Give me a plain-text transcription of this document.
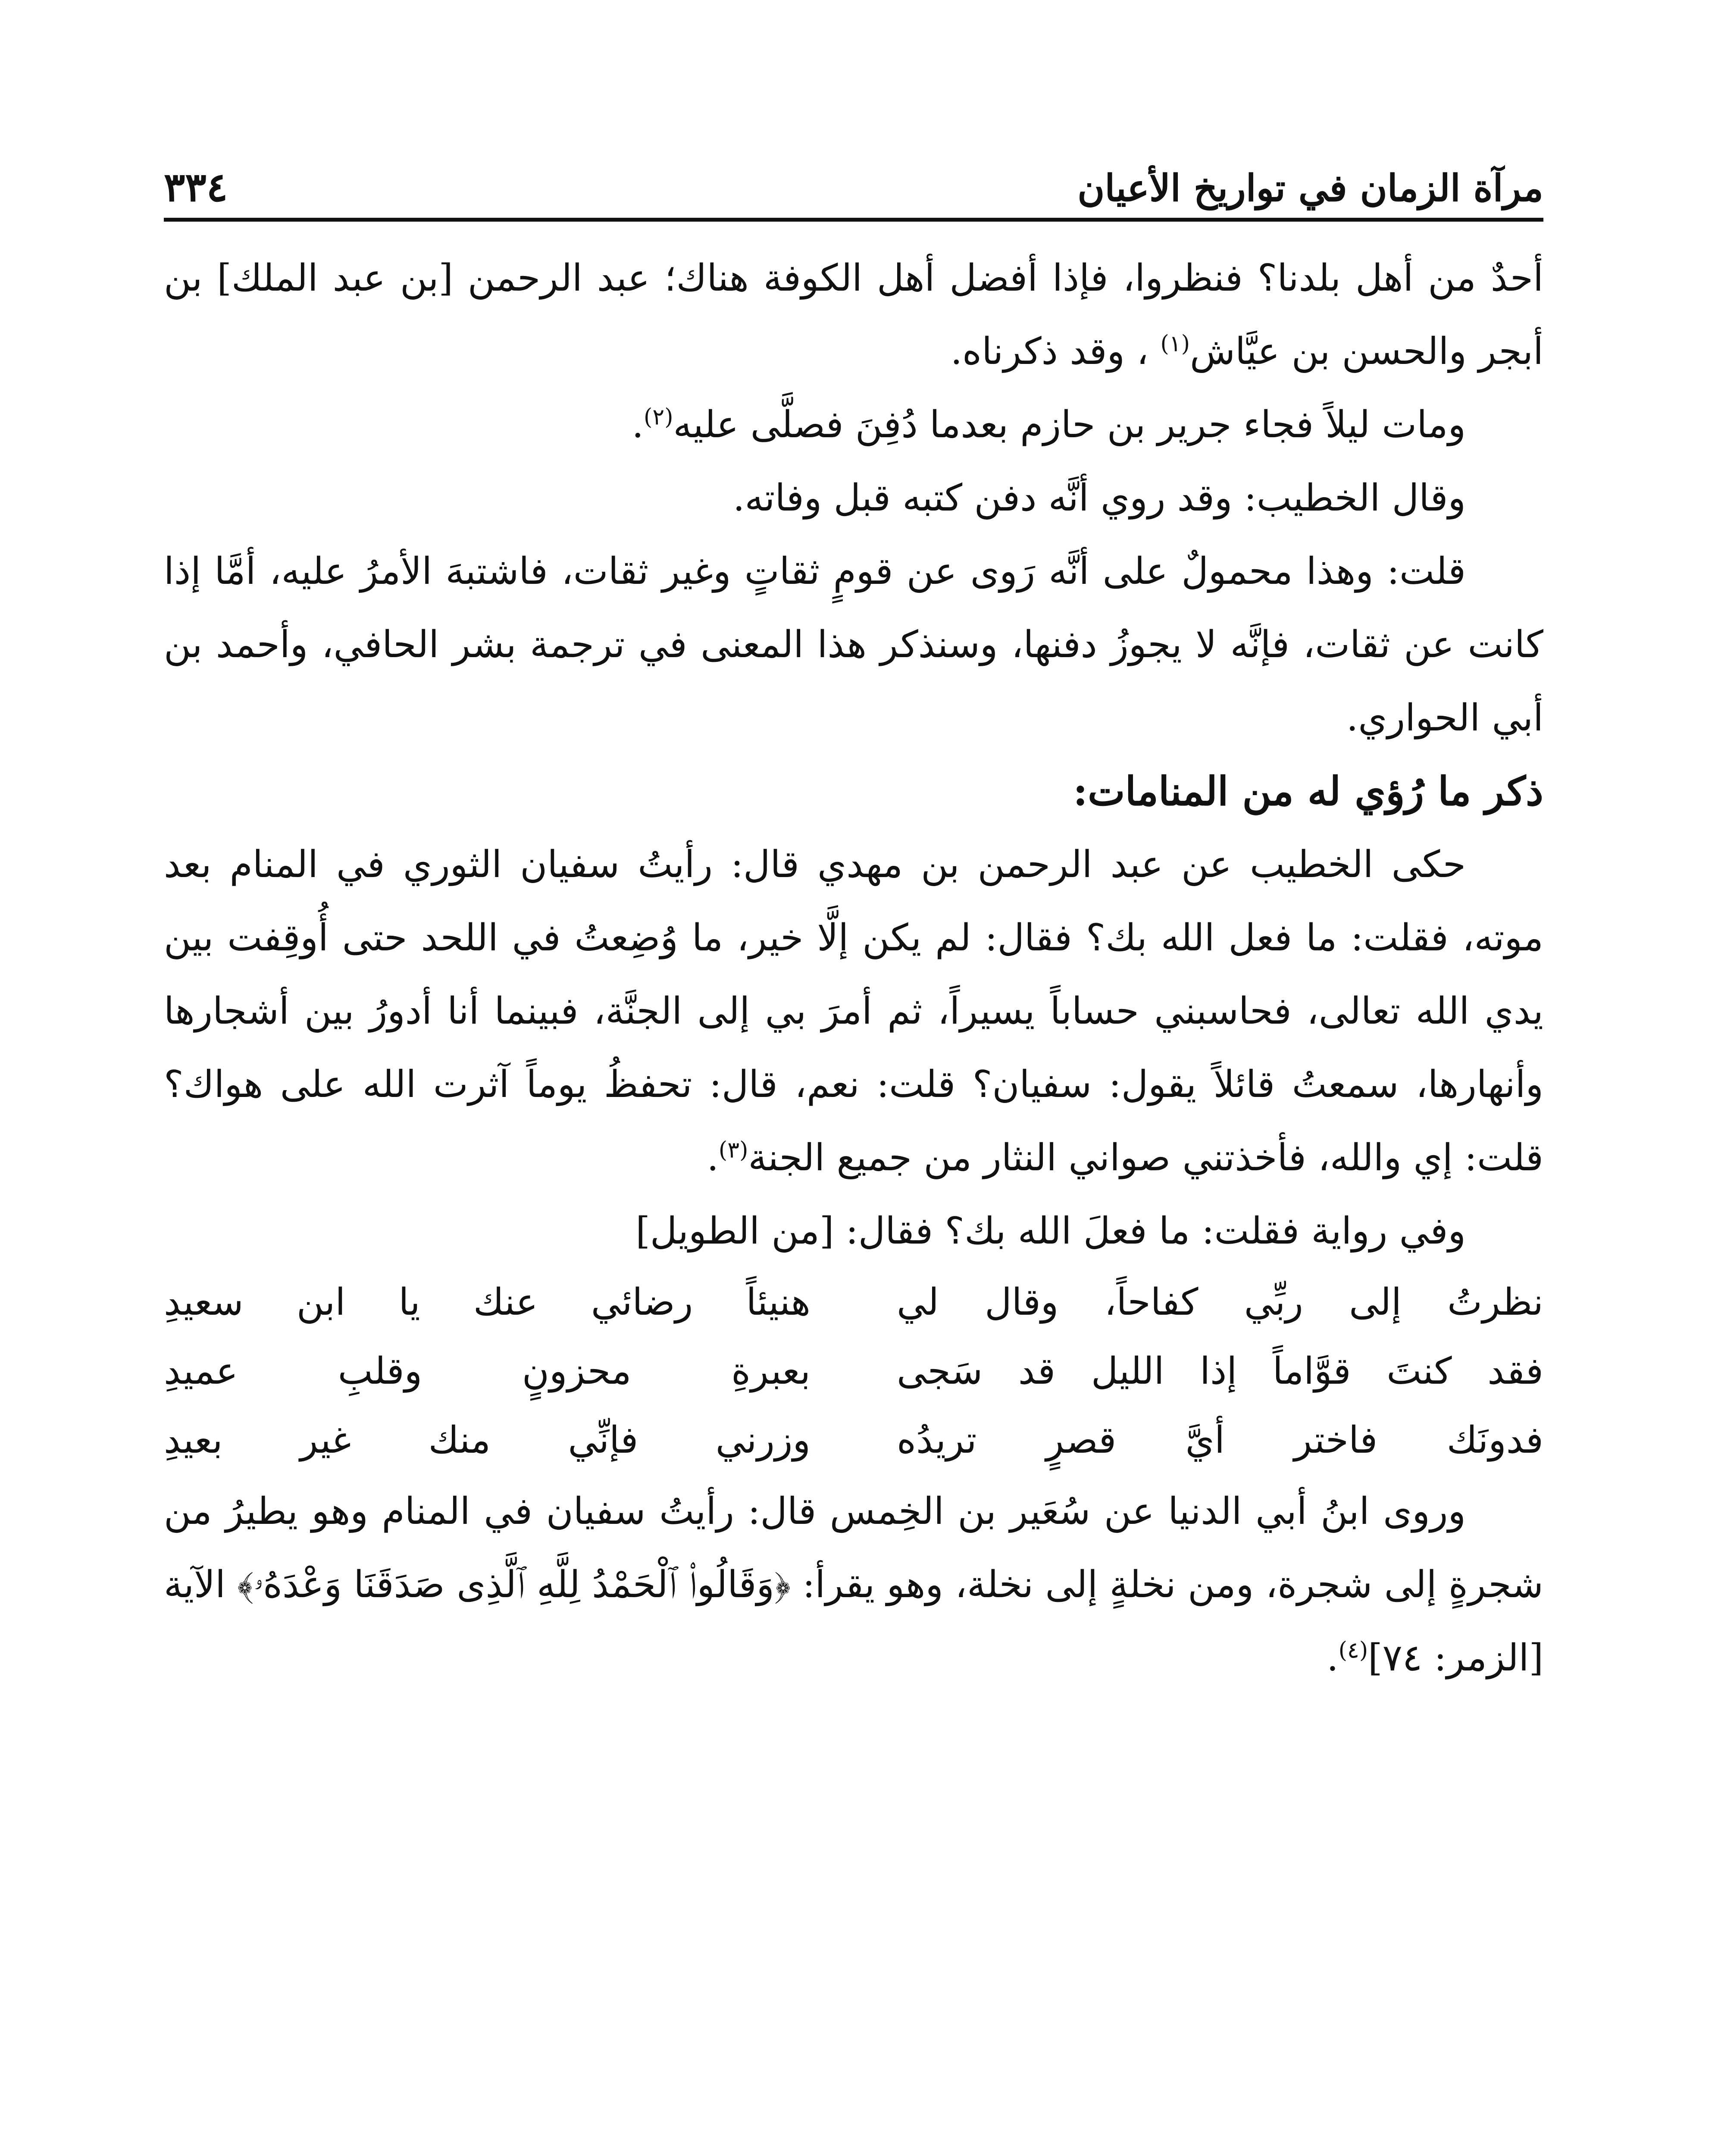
مرآة الزمان في تواريخ الأعيان
٣٣٤

أحدٌ من أهل بلدنا؟ فنظروا، فإذا أفضل أهل الكوفة هناك؛ عبد الرحمن [بن عبد الملك] بن أبجر والحسن بن عيَّاش$^{(١)}$ ، وقد ذكرناه.

ومات ليلاً فجاء جرير بن حازم بعدما دُفِنَ فصلَّى عليه$^{(٢)}$.

وقال الخطيب: وقد روي أنَّه دفن كتبه قبل وفاته.

قلت: وهذا محمولٌ على أنَّه رَوى عن قومٍ ثقاتٍ وغير ثقات، فاشتبهَ الأمرُ عليه، أمَّا إذا كانت عن ثقات، فإنَّه لا يجوزُ دفنها، وسنذكر هذا المعنى في ترجمة بشر الحافي، وأحمد بن أبي الحواري.

ذكر ما رُؤي له من المنامات:

حكى الخطيب عن عبد الرحمن بن مهدي قال: رأيتُ سفيان الثوري في المنام بعد موته، فقلت: ما فعل الله بك؟ فقال: لم يكن إلَّا خير، ما وُضِعتُ في اللحد حتى أُوقِفت بين يدي الله تعالى، فحاسبني حساباً يسيراً، ثم أمرَ بي إلى الجنَّة، فبينما أنا أدورُ بين أشجارها وأنهارها، سمعتُ قائلاً يقول: سفيان؟ قلت: نعم، قال: تحفظُ يوماً آثرت الله على هواك؟ قلت: إي والله، فأخذتني صواني النثار من جميع الجنة$^{(٣)}$.

وفي رواية فقلت: ما فعلَ الله بك؟ فقال: [من الطويل]

نظرتُ إلى ربِّي كفاحاً، وقال لي
هنيئاً رضائي عنك يا ابن سعيدِ
فقد كنتَ قوَّاماً إذا الليل قد سَجى
بعبرةِ محزونٍ وقلبِ عميدِ
فدونَك فاختر أيَّ قصرٍ تريدُه
وزرني فإنِّي منك غير بعيدِ

وروى ابنُ أبي الدنيا عن سُعَير بن الخِمس قال: رأيتُ سفيان في المنام وهو يطيرُ من شجرةٍ إلى شجرة، ومن نخلةٍ إلى نخلة، وهو يقرأ: ﴿وَقَالُوا۟ ٱلْحَمْدُ لِلَّهِ ٱلَّذِى صَدَقَنَا وَعْدَهُۥ﴾ الآية [الزمر: ٧٤]$^{(٤)}$.
